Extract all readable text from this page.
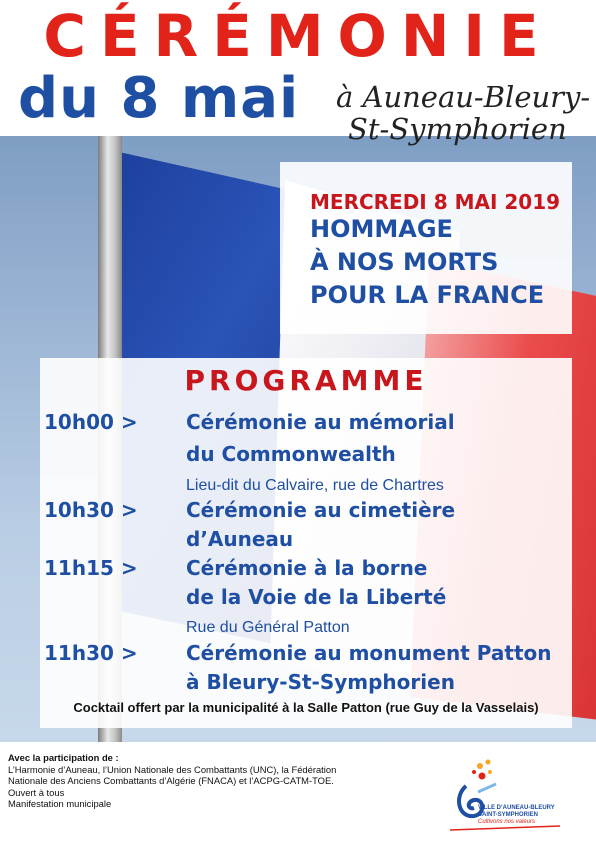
CÉRÉMONIE
du 8 mai à Auneau-Bleury-
St-Symphorien
MERCREDI 8 MAI 2019
HOMMAGE
À NOS MORTS
POUR LA FRANCE
PROGRAMME
10h00 > Cérémonie au mémorial
du Commonwealth
Lieu-dit du Calvaire, rue de Chartres
10h30 > Cérémonie au cimetière
d’Auneau
11h15 > Cérémonie à la borne
de la Voie de la Liberté
Rue du Général Patton
11h30 > Cérémonie au monument Patton
à Bleury-St-Symphorien
Cocktail offert par la municipalité à la Salle Patton (rue Guy de la Vasselais)
Avec la participation de :
L’Harmonie d’Auneau, l’Union Nationale des Combattants (UNC), la Fédération
Nationale des Anciens Combattants d’Algérie (FNACA) et l’ACPG-CATM-TOE.
Ouvert à tous
Manifestation municipale	VILLE D’AUNEAU-BLEURY
SAINT-SYMPHORIEN
Cultivons nos valeurs
